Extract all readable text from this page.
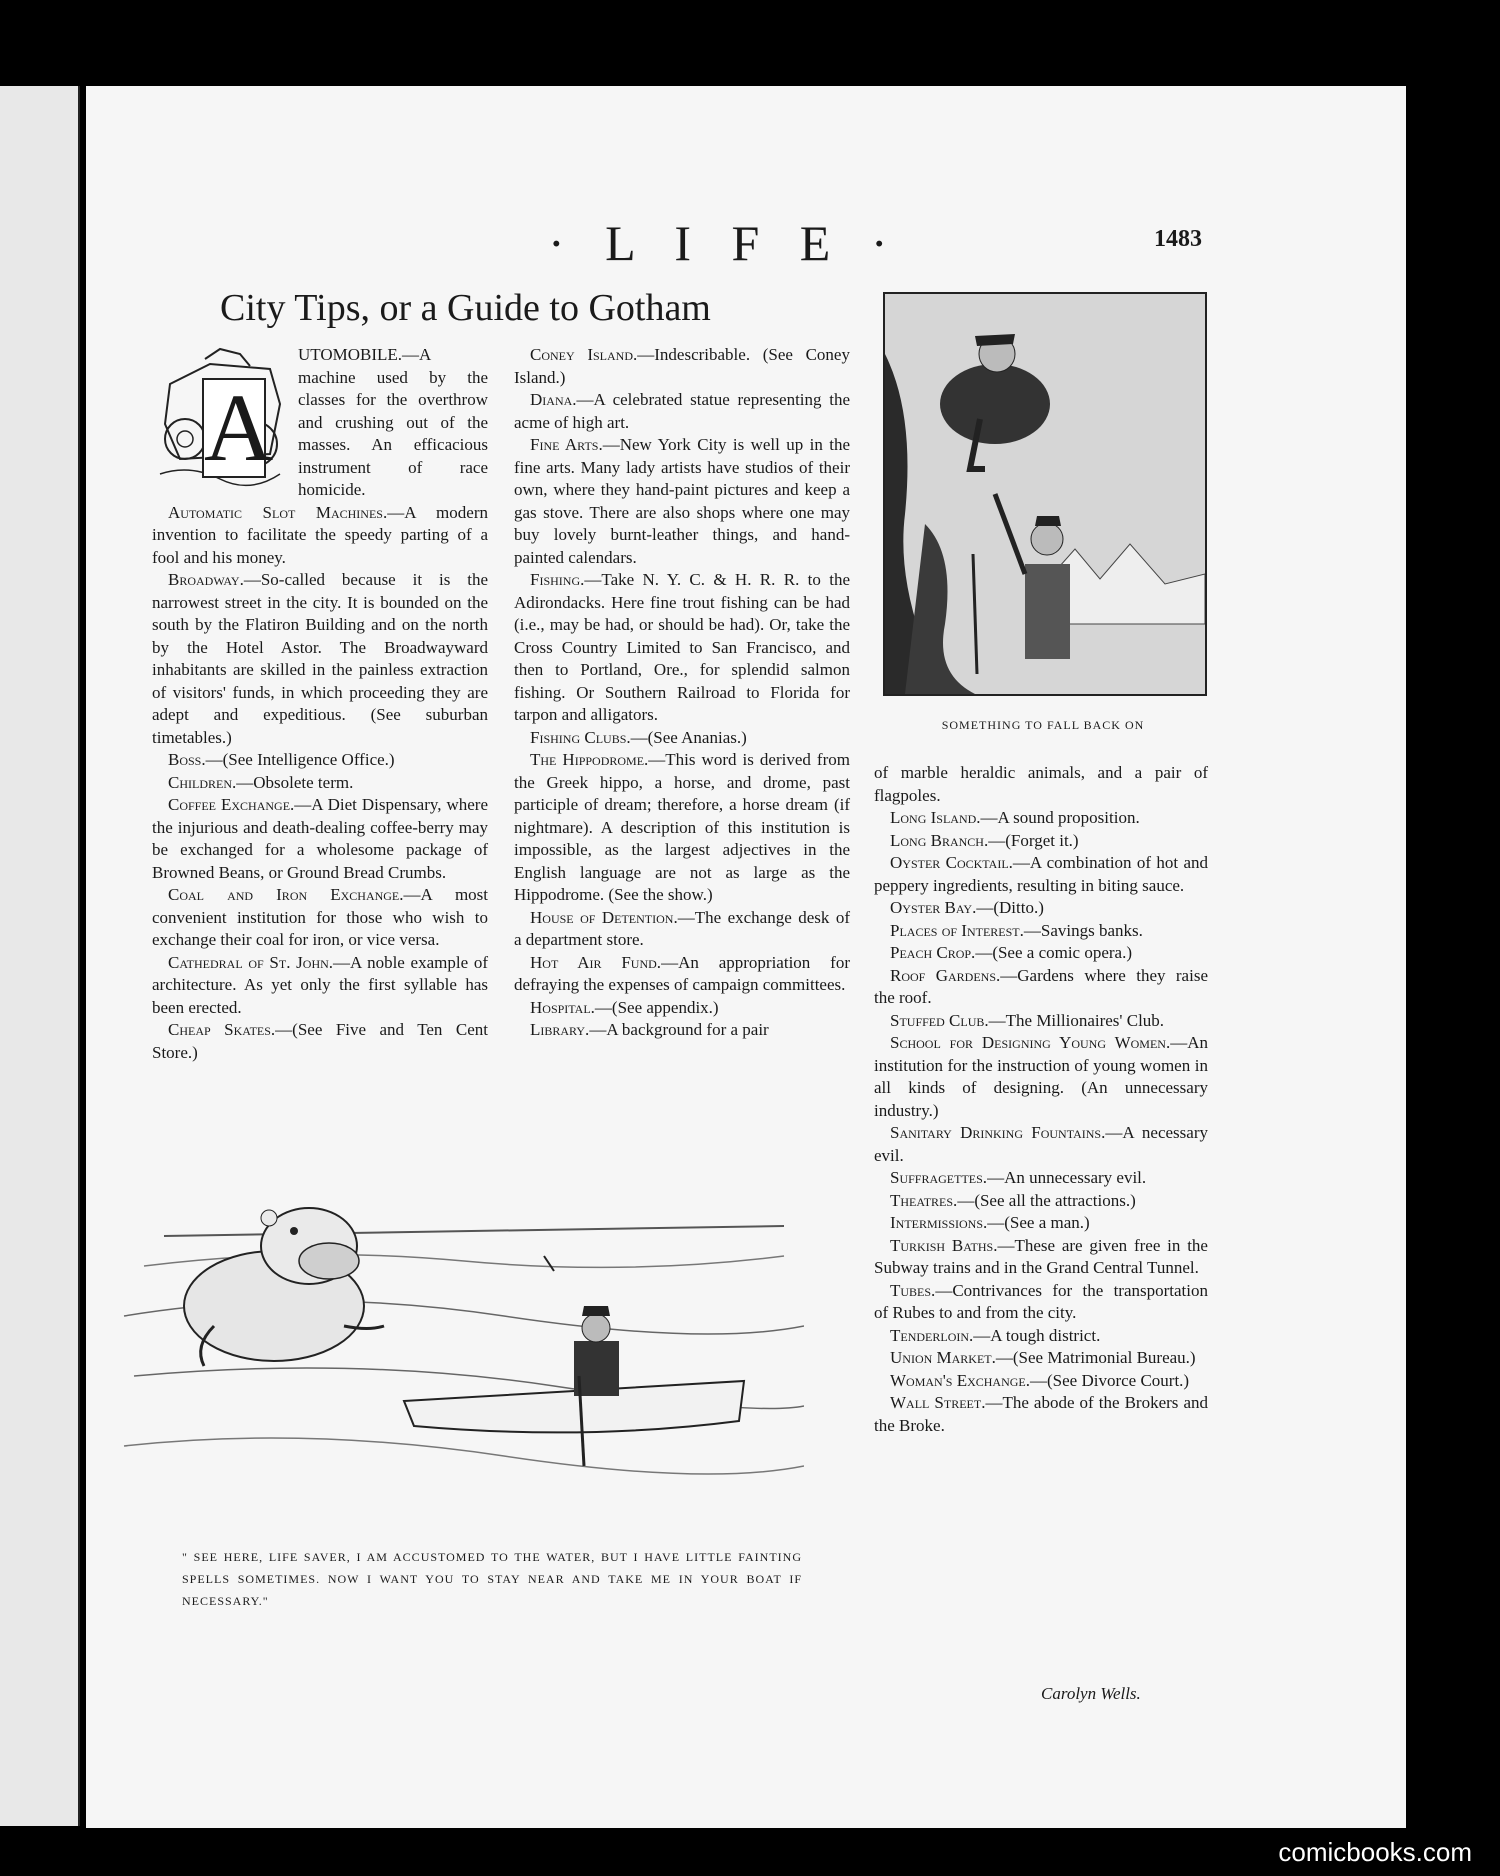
· L I F E ·	1483
City Tips, or a Guide to Gotham
A

UTOMOBILE.—A machine used by the classes for the overthrow and crushing out of the masses. An efficacious instrument of race homicide.

Automatic Slot Machines.—A modern invention to facilitate the speedy parting of a fool and his money.

Broadway.—So-called because it is the narrowest street in the city. It is bounded on the south by the Flatiron Building and on the north by the Hotel Astor. The Broadwayward inhabitants are skilled in the painless extraction of visitors' funds, in which proceeding they are adept and expeditious. (See suburban timetables.)

Boss.—(See Intelligence Office.)

Children.—Obsolete term.

Coffee Exchange.—A Diet Dispensary, where the injurious and death-dealing coffee-berry may be exchanged for a wholesome package of Browned Beans, or Ground Bread Crumbs.

Coal and Iron Exchange.—A most convenient institution for those who wish to exchange their coal for iron, or vice versa.

Cathedral of St. John.—A noble example of architecture. As yet only the first syllable has been erected.

Cheap Skates.—(See Five and Ten Cent Store.)

Coney Island.—Indescribable. (See Coney Island.)

Diana.—A celebrated statue representing the acme of high art.

Fine Arts.—New York City is well up in the fine arts. Many lady artists have studios of their own, where they hand-paint pictures and keep a gas stove. There are also shops where one may buy lovely burnt-leather things, and hand-painted calendars.

Fishing.—Take N. Y. C. & H. R. R. to the Adirondacks. Here fine trout fishing can be had (i.e., may be had, or should be had). Or, take the Cross Country Limited to San Francisco, and then to Portland, Ore., for splendid salmon fishing. Or Southern Railroad to Florida for tarpon and alligators.

Fishing Clubs.—(See Ananias.)

The Hippodrome.—This word is derived from the Greek hippo, a horse, and drome, past participle of dream; therefore, a horse dream (if nightmare). A description of this institution is impossible, as the largest adjectives in the English language are not as large as the Hippodrome. (See the show.)

House of Detention.—The exchange desk of a department store.

Hot Air Fund.—An appropriation for defraying the expenses of campaign committees.

Hospital.—(See appendix.)

Library.—A background for a pair

SOMETHING TO FALL BACK ON

of marble heraldic animals, and a pair of flagpoles.

Long Island.—A sound proposition.

Long Branch.—(Forget it.)

Oyster Cocktail.—A combination of hot and peppery ingredients, resulting in biting sauce.

Oyster Bay.—(Ditto.)

Places of Interest.—Savings banks.

Peach Crop.—(See a comic opera.)

Roof Gardens.—Gardens where they raise the roof.

Stuffed Club.—The Millionaires' Club.

School for Designing Young Women.—An institution for the instruction of young women in all kinds of designing. (An unnecessary industry.)

Sanitary Drinking Fountains.—A necessary evil.

Suffragettes.—An unnecessary evil.

Theatres.—(See all the attractions.)

Intermissions.—(See a man.)

Turkish Baths.—These are given free in the Subway trains and in the Grand Central Tunnel.

Tubes.—Contrivances for the transportation of Rubes to and from the city.

Tenderloin.—A tough district.

Union Market.—(See Matrimonial Bureau.)

Woman's Exchange.—(See Divorce Court.)

Wall Street.—The abode of the Brokers and the Broke.

Carolyn Wells.
" SEE HERE, LIFE SAVER, I AM ACCUSTOMED TO THE WATER, BUT I HAVE LITTLE FAINTING SPELLS SOMETIMES. NOW I WANT YOU TO STAY NEAR AND TAKE ME IN YOUR BOAT IF NECESSARY."
comicbooks.com
